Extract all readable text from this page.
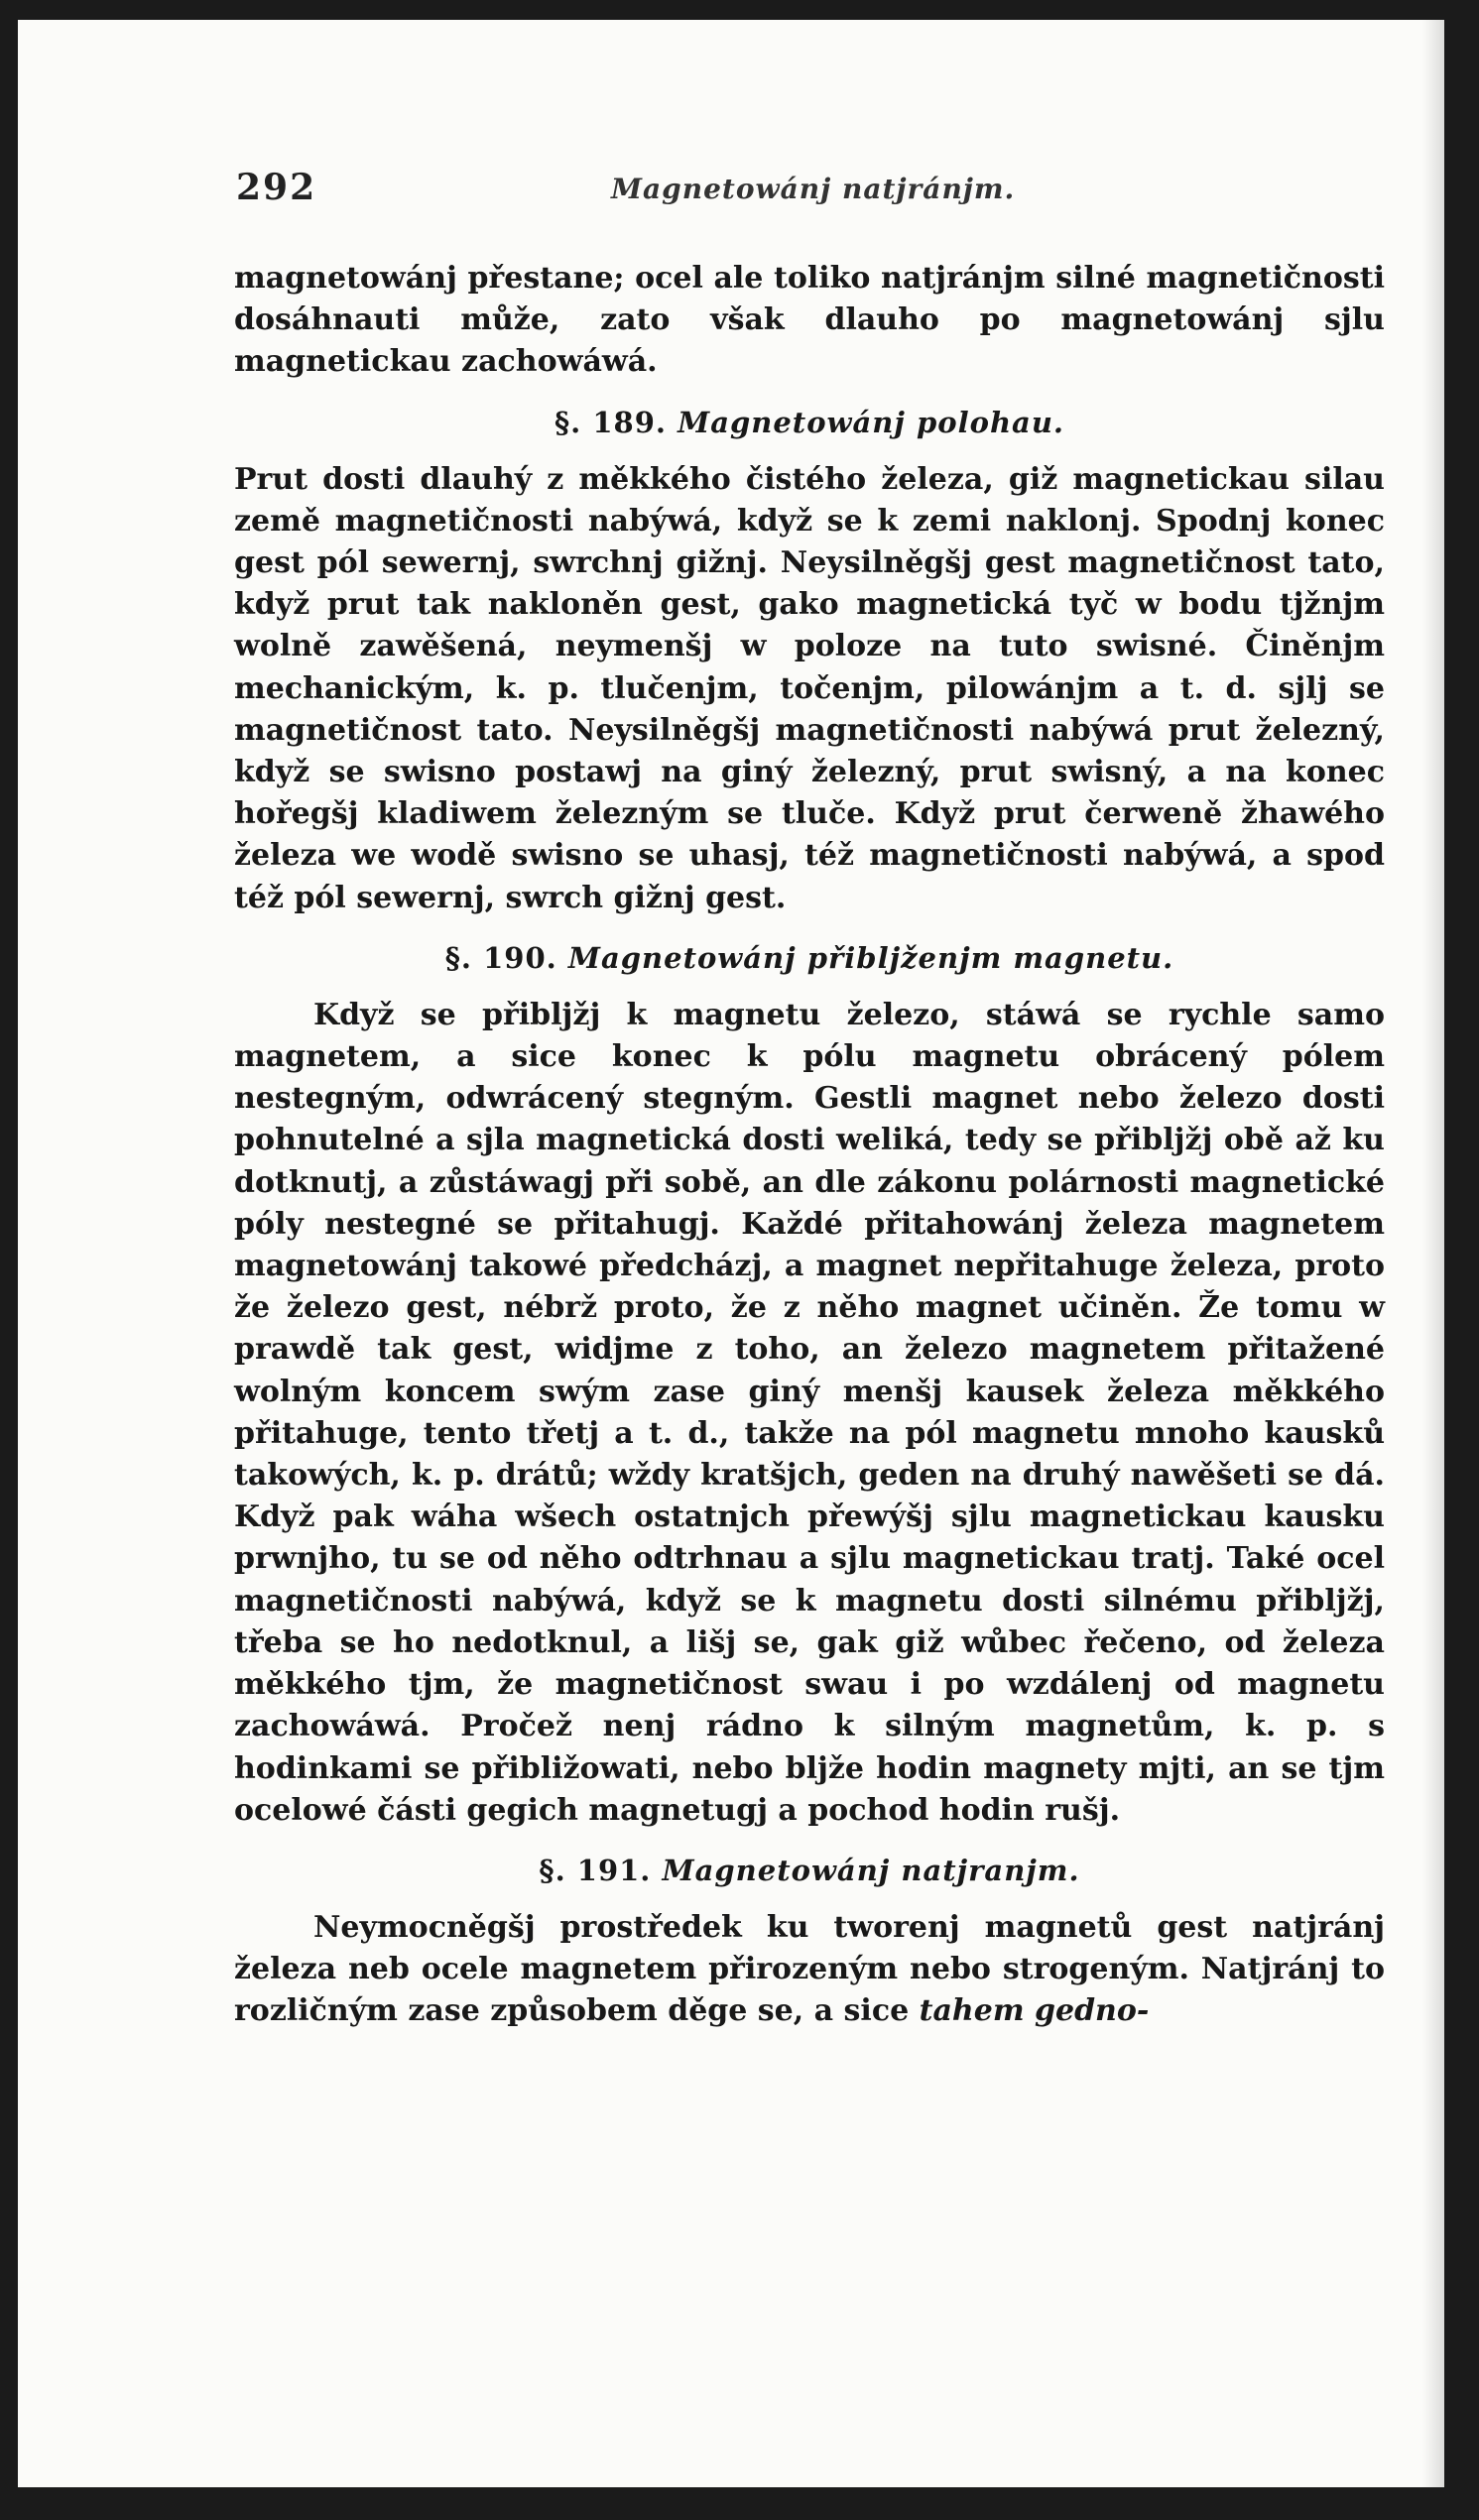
292	Magnetowánj natjránjm.

magnetowánj přestane; ocel ale toliko natjránjm silné magnetičnosti dosáhnauti může, zato však dlauho po magnetowánj sjlu magnetickau zachowáwá.

§. 189. Magnetowánj polohau.

Prut dosti dlauhý z měkkého čistého železa, giž magnetickau silau země magnetičnosti nabýwá, když se k zemi naklonj. Spodnj konec gest pól sewernj, swrchnj gižnj. Neysilněgšj gest magnetičnost tato, když prut tak nakloněn gest, gako magnetická tyč w bodu tjžnjm wolně zawěšená, neymenšj w poloze na tuto swisné. Činěnjm mechanickým, k. p. tlučenjm, točenjm, pilowánjm a t. d. sjlj se magnetičnost tato. Neysilněgšj magnetičnosti nabýwá prut železný, když se swisno postawj na giný železný, prut swisný, a na konec hořegšj kladiwem železným se tluče. Když prut čerweně žhawého železa we wodě swisno se uhasj, též magnetičnosti nabýwá, a spod též pól sewernj, swrch gižnj gest.

§. 190. Magnetowánj přibljženjm magnetu.

Když se přibljžj k magnetu železo, stáwá se rychle samo magnetem, a sice konec k pólu magnetu obrácený pólem nestegným, odwrácený stegným. Gestli magnet nebo železo dosti pohnutelné a sjla magnetická dosti weliká, tedy se přibljžj obě až ku dotknutj, a zůstáwagj při sobě, an dle zákonu polárnosti magnetické póly nestegné se přitahugj. Každé přitahowánj železa magnetem magnetowánj takowé předcházj, a magnet nepřitahuge železa, proto že železo gest, nébrž proto, že z něho magnet učiněn. Že tomu w prawdě tak gest, widjme z toho, an železo magnetem přitažené wolným koncem swým zase giný menšj kausek železa měkkého přitahuge, tento třetj a t. d., takže na pól magnetu mnoho kausků takowých, k. p. drátů; wždy kratšjch, geden na druhý nawěšeti se dá. Když pak wáha wšech ostatnjch přewýšj sjlu magnetickau kausku prwnjho, tu se od něho odtrhnau a sjlu magnetickau tratj. Také ocel magnetičnosti nabýwá, když se k magnetu dosti silnému přibljžj, třeba se ho nedotknul, a lišj se, gak giž wůbec řečeno, od železa měkkého tjm, že magnetičnost swau i po wzdálenj od magnetu zachowáwá. Pročež nenj rádno k silným magnetům, k. p. s hodinkami se přibližowati, nebo bljže hodin magnety mjti, an se tjm ocelowé části gegich magnetugj a pochod hodin rušj.

§. 191. Magnetowánj natjranjm.

Neymocněgšj prostředek ku tworenj magnetů gest natjránj železa neb ocele magnetem přirozeným nebo strogeným. Natjránj to rozličným zase způsobem děge se, a sice tahem gedno-
